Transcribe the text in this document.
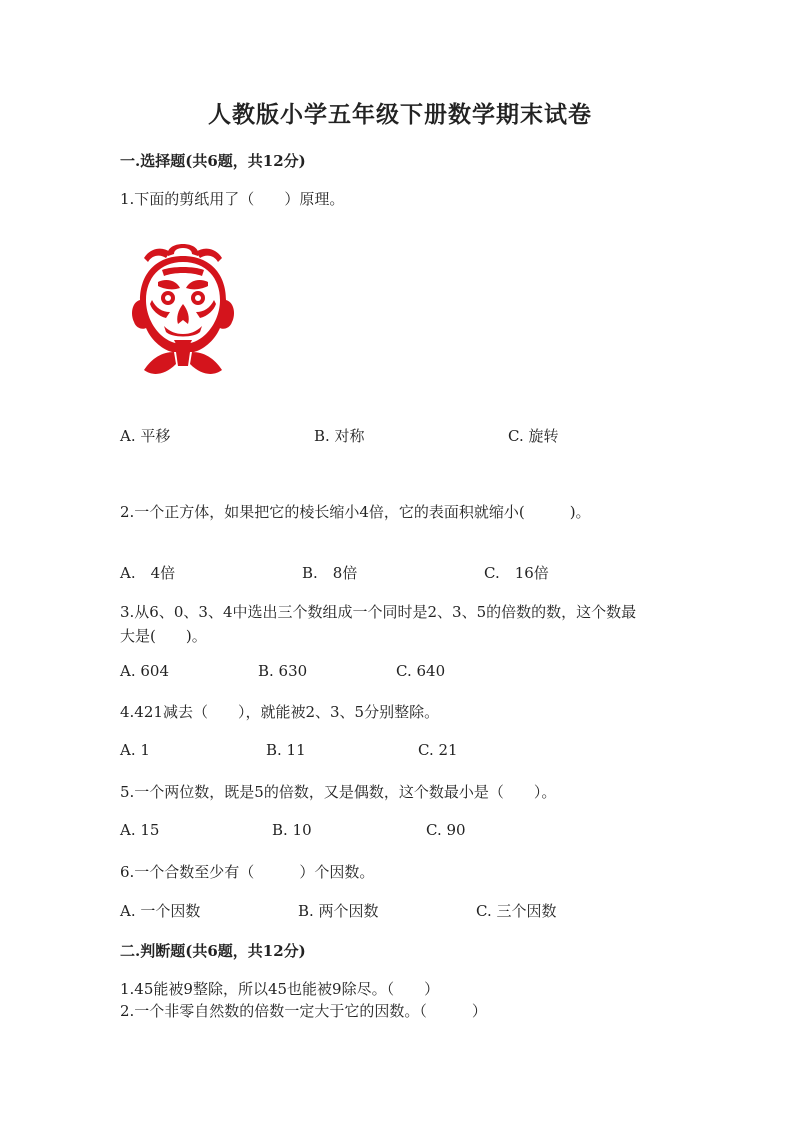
人教版小学五年级下册数学期末试卷
一.选择题(共6题，共12分)
1.下面的剪纸用了（　　）原理。
A. 平移	B. 对称	C. 旋转
2.一个正方体，如果把它的棱长缩小4倍，它的表面积就缩小(　　　)。
A.　4倍	B.　8倍	C.　16倍
3.从6、0、3、4中选出三个数组成一个同时是2、3、5的倍数的数，这个数最
大是(　　)。
A. 604	B. 630	C. 640
4.421减去（　　），就能被2、3、5分别整除。
A. 1	B. 11	C. 21
5.一个两位数，既是5的倍数，又是偶数，这个数最小是（　　）。
A. 15	B. 10	C. 90
6.一个合数至少有（　　　）个因数。
A. 一个因数	B. 两个因数	C. 三个因数
二.判断题(共6题，共12分)
1.45能被9整除，所以45也能被9除尽。（　　）
2.一个非零自然数的倍数一定大于它的因数。（　　　）
